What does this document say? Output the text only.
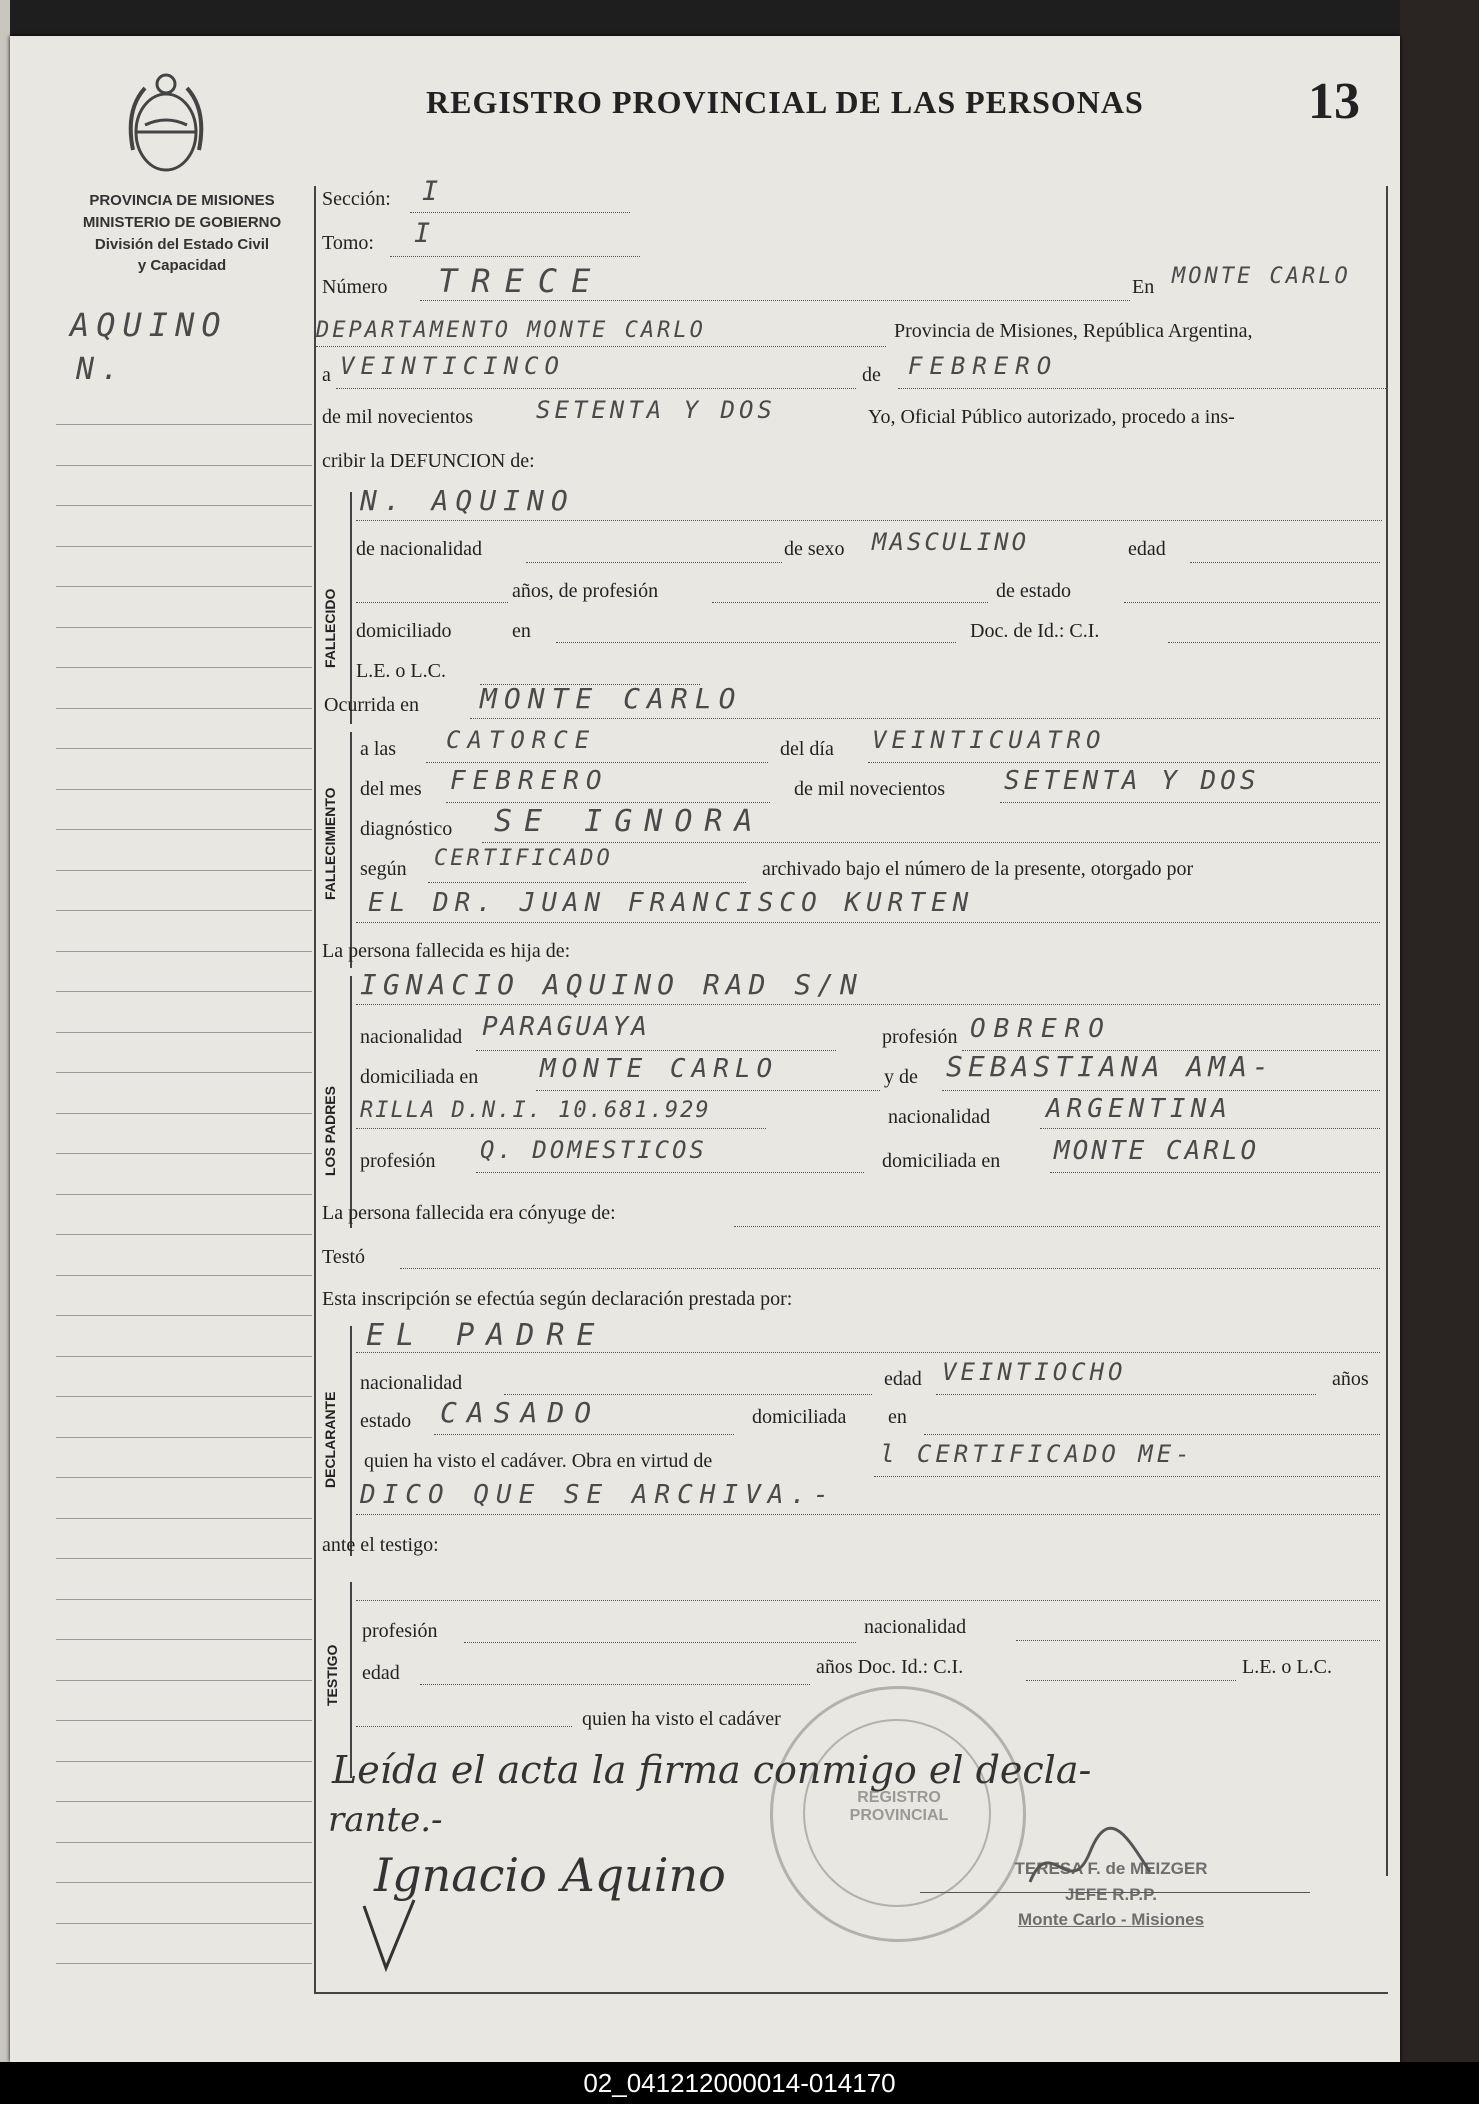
REGISTRO PROVINCIAL DE LAS PERSONAS	13
PROVINCIA DE MISIONES
MINISTERIO DE GOBIERNO
División del Estado Civil
y Capacidad
AQUINO
N.
Sección: I
Tomo: I
Número TRECE	En MONTE CARLO
DEPARTAMENTO MONTE CARLO	Provincia de Misiones, República Argentina,
a VEINTICINCO	de FEBRERO
de mil novecientos	SETENTA Y DOS	Yo, Oficial Público autorizado, procedo a ins-
cribir la DEFUNCION de:
FALLECIDO
N. AQUINO
de nacionalidad	de sexo MASCULINO	edad
años, de profesión	de estado
domiciliado	en	Doc. de Id.: C.I.
L.E. o L.C.
Ocurrida en MONTE CARLO
FALLECIMIENTO
a las CATORCE	del día VEINTICUATRO
del mes FEBRERO	de mil novecientos SETENTA Y DOS
diagnóstico SE IGNORA
según CERTIFICADO	archivado bajo el número de la presente, otorgado por
EL DR. JUAN FRANCISCO KURTEN
La persona fallecida es hija de:
LOS PADRES
IGNACIO AQUINO RAD S/N
nacionalidad PARAGUAYA	profesión OBRERO
domiciliada en MONTE CARLO	y de SEBASTIANA AMA-
RILLA D.N.I. 10.681.929	nacionalidad ARGENTINA
profesión Q. DOMESTICOS	domiciliada en MONTE CARLO
La persona fallecida era cónyuge de:
Testó
Esta inscripción se efectúa según declaración prestada por:
DECLARANTE
EL PADRE
nacionalidad	edad VEINTIOCHO	años
estado CASADO	domiciliada en
quien ha visto el cadáver. Obra en virtud de	l CERTIFICADO ME-
DICO QUE SE ARCHIVA.-
ante el testigo:
TESTIGO
profesión	nacionalidad
edad	años Doc. Id.: C.I.	L.E. o L.C.
quien ha visto el cadáver
REGISTRO PROVINCIAL
Leída el acta la firma conmigo el decla-
rante.-
Ignacio Aquino	TERESA F. de MEIZGER
JEFE R.P.P.
Monte Carlo - Misiones
02_041212000014-014170
